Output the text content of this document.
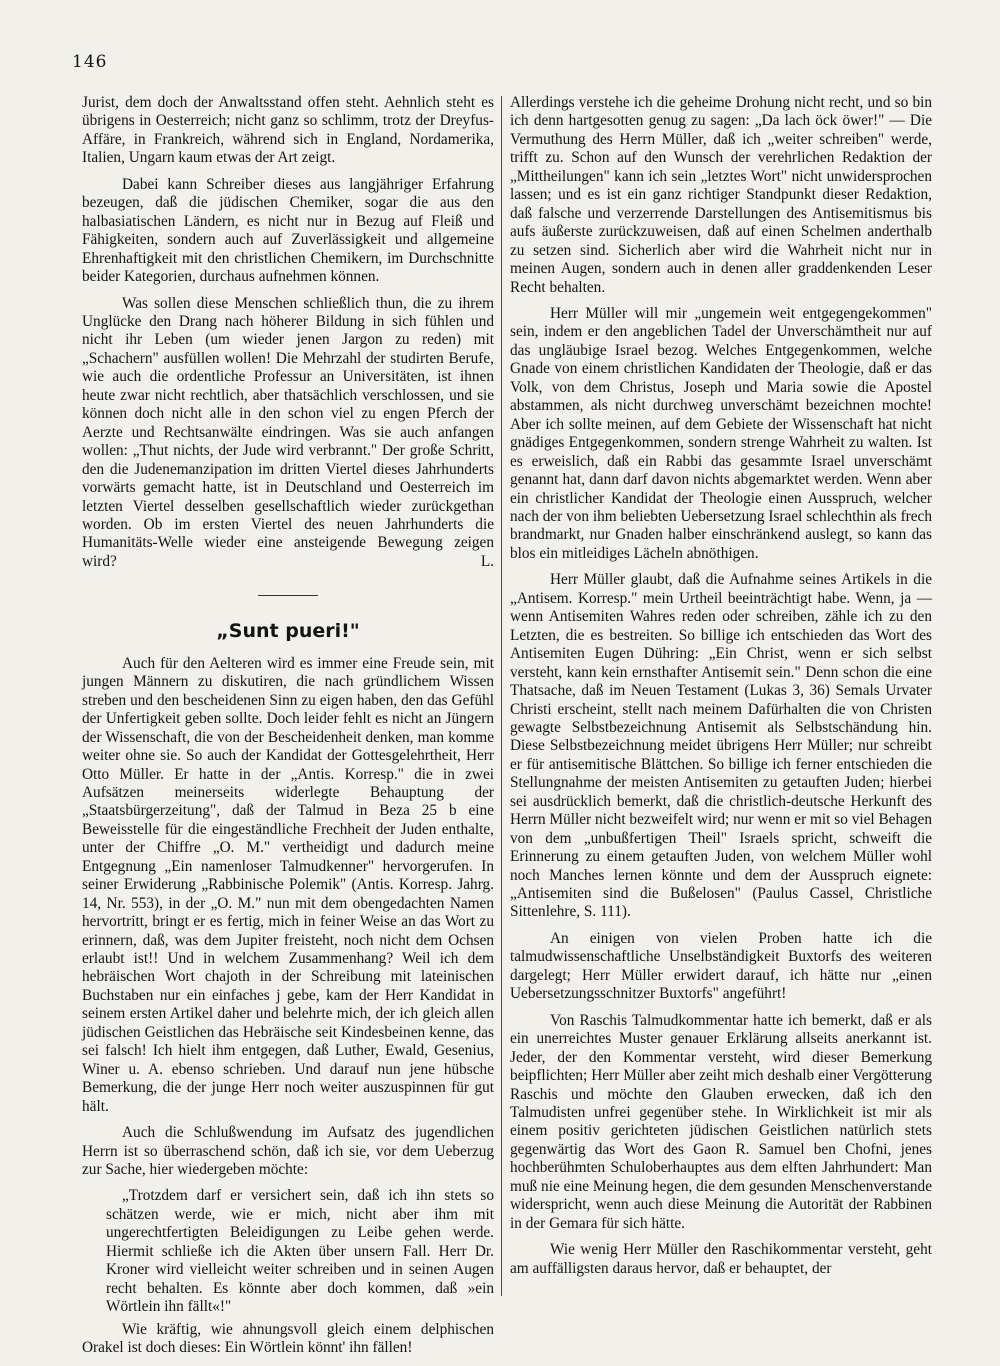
146

Jurist, dem doch der Anwaltsstand offen steht. Aehnlich steht es übrigens in Oesterreich; nicht ganz so schlimm, trotz der Dreyfus-Affäre, in Frankreich, während sich in England, Nordamerika, Italien, Ungarn kaum etwas der Art zeigt.

Dabei kann Schreiber dieses aus langjähriger Erfahrung bezeugen, daß die jüdischen Chemiker, sogar die aus den halbasiatischen Ländern, es nicht nur in Bezug auf Fleiß und Fähigkeiten, sondern auch auf Zuverlässigkeit und allgemeine Ehrenhaftigkeit mit den christlichen Chemikern, im Durchschnitte beider Kategorien, durchaus aufnehmen können.

Was sollen diese Menschen schließlich thun, die zu ihrem Unglücke den Drang nach höherer Bildung in sich fühlen und nicht ihr Leben (um wieder jenen Jargon zu reden) mit „Schachern" ausfüllen wollen! Die Mehrzahl der studirten Berufe, wie auch die ordentliche Professur an Universitäten, ist ihnen heute zwar nicht rechtlich, aber thatsächlich verschlossen, und sie können doch nicht alle in den schon viel zu engen Pferch der Aerzte und Rechtsanwälte eindringen. Was sie auch anfangen wollen: „Thut nichts, der Jude wird verbrannt." Der große Schritt, den die Judenemanzipation im dritten Viertel dieses Jahrhunderts vorwärts gemacht hatte, ist in Deutschland und Oesterreich im letzten Viertel desselben gesellschaftlich wieder zurückgethan worden. Ob im ersten Viertel des neuen Jahrhunderts die Humanitäts-Welle wieder eine ansteigende Bewegung zeigen wird?	L.

„Sunt pueri!"

Auch für den Aelteren wird es immer eine Freude sein, mit jungen Männern zu diskutiren, die nach gründlichem Wissen streben und den bescheidenen Sinn zu eigen haben, den das Gefühl der Unfertigkeit geben sollte. Doch leider fehlt es nicht an Jüngern der Wissenschaft, die von der Bescheidenheit denken, man komme weiter ohne sie. So auch der Kandidat der Gottesgelehrtheit, Herr Otto Müller. Er hatte in der „Antis. Korresp." die in zwei Aufsätzen meinerseits widerlegte Behauptung der „Staatsbürgerzeitung", daß der Talmud in Beza 25 b eine Beweisstelle für die eingeständliche Frechheit der Juden enthalte, unter der Chiffre „O. M." vertheidigt und dadurch meine Entgegnung „Ein namenloser Talmudkenner" hervorgerufen. In seiner Erwiderung „Rabbinische Polemik" (Antis. Korresp. Jahrg. 14, Nr. 553), in der „O. M." nun mit dem obengedachten Namen hervortritt, bringt er es fertig, mich in feiner Weise an das Wort zu erinnern, daß, was dem Jupiter freisteht, noch nicht dem Ochsen erlaubt ist!! Und in welchem Zusammenhang? Weil ich dem hebräischen Wort chajoth in der Schreibung mit lateinischen Buchstaben nur ein einfaches j gebe, kam der Herr Kandidat in seinem ersten Artikel daher und belehrte mich, der ich gleich allen jüdischen Geistlichen das Hebräische seit Kindesbeinen kenne, das sei falsch! Ich hielt ihm entgegen, daß Luther, Ewald, Gesenius, Winer u. A. ebenso schrieben. Und darauf nun jene hübsche Bemerkung, die der junge Herr noch weiter auszuspinnen für gut hält.

Auch die Schlußwendung im Aufsatz des jugendlichen Herrn ist so überraschend schön, daß ich sie, vor dem Ueberzug zur Sache, hier wiedergeben möchte:

„Trotzdem darf er versichert sein, daß ich ihn stets so schätzen werde, wie er mich, nicht aber ihm mit ungerechtfertigten Beleidigungen zu Leibe gehen werde. Hiermit schließe ich die Akten über unsern Fall. Herr Dr. Kroner wird vielleicht weiter schreiben und in seinen Augen recht behalten. Es könnte aber doch kommen, daß »ein Wörtlein ihn fällt«!"

Wie kräftig, wie ahnungsvoll gleich einem delphischen Orakel ist doch dieses: Ein Wörtlein könnt' ihn fällen!

Allerdings verstehe ich die geheime Drohung nicht recht, und so bin ich denn hartgesotten genug zu sagen: „Da lach öck öwer!" — Die Vermuthung des Herrn Müller, daß ich „weiter schreiben" werde, trifft zu. Schon auf den Wunsch der verehrlichen Redaktion der „Mittheilungen" kann ich sein „letztes Wort" nicht unwidersprochen lassen; und es ist ein ganz richtiger Standpunkt dieser Redaktion, daß falsche und verzerrende Darstellungen des Antisemitismus bis aufs äußerste zurückzuweisen, daß auf einen Schelmen anderthalb zu setzen sind. Sicherlich aber wird die Wahrheit nicht nur in meinen Augen, sondern auch in denen aller graddenkenden Leser Recht behalten.

Herr Müller will mir „ungemein weit entgegengekommen" sein, indem er den angeblichen Tadel der Unverschämtheit nur auf das ungläubige Israel bezog. Welches Entgegenkommen, welche Gnade von einem christlichen Kandidaten der Theologie, daß er das Volk, von dem Christus, Joseph und Maria sowie die Apostel abstammen, als nicht durchweg unverschämt bezeichnen mochte! Aber ich sollte meinen, auf dem Gebiete der Wissenschaft hat nicht gnädiges Entgegenkommen, sondern strenge Wahrheit zu walten. Ist es erweislich, daß ein Rabbi das gesammte Israel unverschämt genannt hat, dann darf davon nichts abgemarktet werden. Wenn aber ein christlicher Kandidat der Theologie einen Ausspruch, welcher nach der von ihm beliebten Uebersetzung Israel schlechthin als frech brandmarkt, nur Gnaden halber einschränkend auslegt, so kann das blos ein mitleidiges Lächeln abnöthigen.

Herr Müller glaubt, daß die Aufnahme seines Artikels in die „Antisem. Korresp." mein Urtheil beeinträchtigt habe. Wenn, ja — wenn Antisemiten Wahres reden oder schreiben, zähle ich zu den Letzten, die es bestreiten. So billige ich entschieden das Wort des Antisemiten Eugen Dühring: „Ein Christ, wenn er sich selbst versteht, kann kein ernsthafter Antisemit sein." Denn schon die eine Thatsache, daß im Neuen Testament (Lukas 3, 36) Semals Urvater Christi erscheint, stellt nach meinem Dafürhalten die von Christen gewagte Selbstbezeichnung Antisemit als Selbstschändung hin. Diese Selbstbezeichnung meidet übrigens Herr Müller; nur schreibt er für antisemitische Blättchen. So billige ich ferner entschieden die Stellungnahme der meisten Antisemiten zu getauften Juden; hierbei sei ausdrücklich bemerkt, daß die christlich-deutsche Herkunft des Herrn Müller nicht bezweifelt wird; nur wenn er mit so viel Behagen von dem „unbußfertigen Theil" Israels spricht, schweift die Erinnerung zu einem getauften Juden, von welchem Müller wohl noch Manches lernen könnte und dem der Ausspruch eignete: „Antisemiten sind die Bußelosen" (Paulus Cassel, Christliche Sittenlehre, S. 111).

An einigen von vielen Proben hatte ich die talmudwissenschaftliche Unselbständigkeit Buxtorfs des weiteren dargelegt; Herr Müller erwidert darauf, ich hätte nur „einen Uebersetzungsschnitzer Buxtorfs" angeführt!

Von Raschis Talmudkommentar hatte ich bemerkt, daß er als ein unerreichtes Muster genauer Erklärung allseits anerkannt ist. Jeder, der den Kommentar versteht, wird dieser Bemerkung beipflichten; Herr Müller aber zeiht mich deshalb einer Vergötterung Raschis und möchte den Glauben erwecken, daß ich den Talmudisten unfrei gegenüber stehe. In Wirklichkeit ist mir als einem positiv gerichteten jüdischen Geistlichen natürlich stets gegenwärtig das Wort des Gaon R. Samuel ben Chofni, jenes hochberühmten Schuloberhauptes aus dem elften Jahrhundert: Man muß nie eine Meinung hegen, die dem gesunden Menschenverstande widerspricht, wenn auch diese Meinung die Autorität der Rabbinen in der Gemara für sich hätte.

Wie wenig Herr Müller den Raschikommentar versteht, geht am auffälligsten daraus hervor, daß er behauptet, der
